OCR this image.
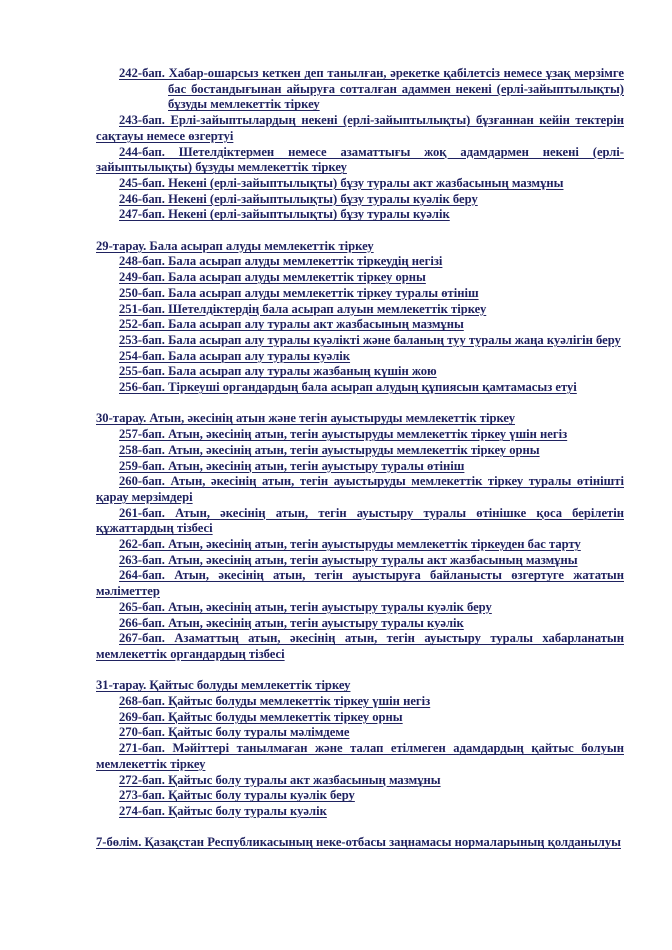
242-бап. Хабар-ошарсыз кеткен деп танылған, әрекетке қабілетсіз немесе ұзақ мерзімге бас бостандығынан айыруға сотталған адаммен некені (ерлі-зайыптылықты) бұзуды мемлекеттік тіркеу

243-бап. Ерлі-зайыптылардың некені (ерлі-зайыптылықты) бұзғаннан кейін тектерін сақтауы немесе өзгертуі

244-бап. Шетелдіктермен немесе азаматтығы жоқ адамдармен некені (ерлі-зайыптылықты) бұзуды мемлекеттік тіркеу

245-бап. Некені (ерлі-зайыптылықты) бұзу туралы акт жазбасының мазмұны

246-бап. Некені (ерлі-зайыптылықты) бұзу туралы куәлік беру

247-бап. Некені (ерлі-зайыптылықты) бұзу туралы куәлік

29-тарау. Бала асырап алуды мемлекеттік тіркеу

248-бап. Бала асырап алуды мемлекеттік тіркеудің негізі

249-бап. Бала асырап алуды мемлекеттік тіркеу орны

250-бап. Бала асырап алуды мемлекеттік тіркеу туралы өтініш

251-бап. Шетелдіктердің бала асырап алуын мемлекеттік тіркеу

252-бап. Бала асырап алу туралы акт жазбасының мазмұны

253-бап. Бала асырап алу туралы куәлікті және баланың туу туралы жаңа куәлігін беру

254-бап. Бала асырап алу туралы куәлік

255-бап. Бала асырап алу туралы жазбаның күшін жою

256-бап. Тіркеуші органдардың бала асырап алудың құпиясын қамтамасыз етуі

30-тарау. Атын, әкесінің атын және тегін ауыстыруды мемлекеттік тіркеу

257-бап. Атын, әкесінің атын, тегін ауыстыруды мемлекеттік тіркеу үшін негіз

258-бап. Атын, әкесінің атын, тегін ауыстыруды мемлекеттік тіркеу орны

259-бап. Атын, әкесінің атын, тегін ауыстыру туралы өтініш

260-бап. Атын, әкесінің атын, тегін ауыстыруды мемлекеттік тіркеу туралы өтінішті қарау мерзімдері

261-бап. Атын, әкесінің атын, тегін ауыстыру туралы өтінішке қоса берілетін құжаттардың тізбесі

262-бап. Атын, әкесінің атын, тегін ауыстыруды мемлекеттік тіркеуден бас тарту

263-бап. Атын, әкесінің атын, тегін ауыстыру туралы акт жазбасының мазмұны

264-бап. Атын, әкесінің атын, тегін ауыстыруға байланысты өзгертуге жататын мәліметтер

265-бап. Атын, әкесінің атын, тегін ауыстыру туралы куәлік беру

266-бап. Атын, әкесінің атын, тегін ауыстыру туралы куәлік

267-бап. Азаматтың атын, әкесінің атын, тегін ауыстыру туралы хабарланатын мемлекеттік органдардың тізбесі

31-тарау. Қайтыс болуды мемлекеттік тіркеу

268-бап. Қайтыс болуды мемлекеттік тіркеу үшін негіз

269-бап. Қайтыс болуды мемлекеттік тіркеу орны

270-бап. Қайтыс болу туралы мәлімдеме

271-бап. Мәйіттері танылмаған және талап етілмеген адамдардың қайтыс болуын мемлекеттік тіркеу

272-бап. Қайтыс болу туралы акт жазбасының мазмұны

273-бап. Қайтыс болу туралы куәлік беру

274-бап. Қайтыс болу туралы куәлік

7-бөлім. Қазақстан Республикасының неке-отбасы заңнамасы нормаларының қолданылуы
